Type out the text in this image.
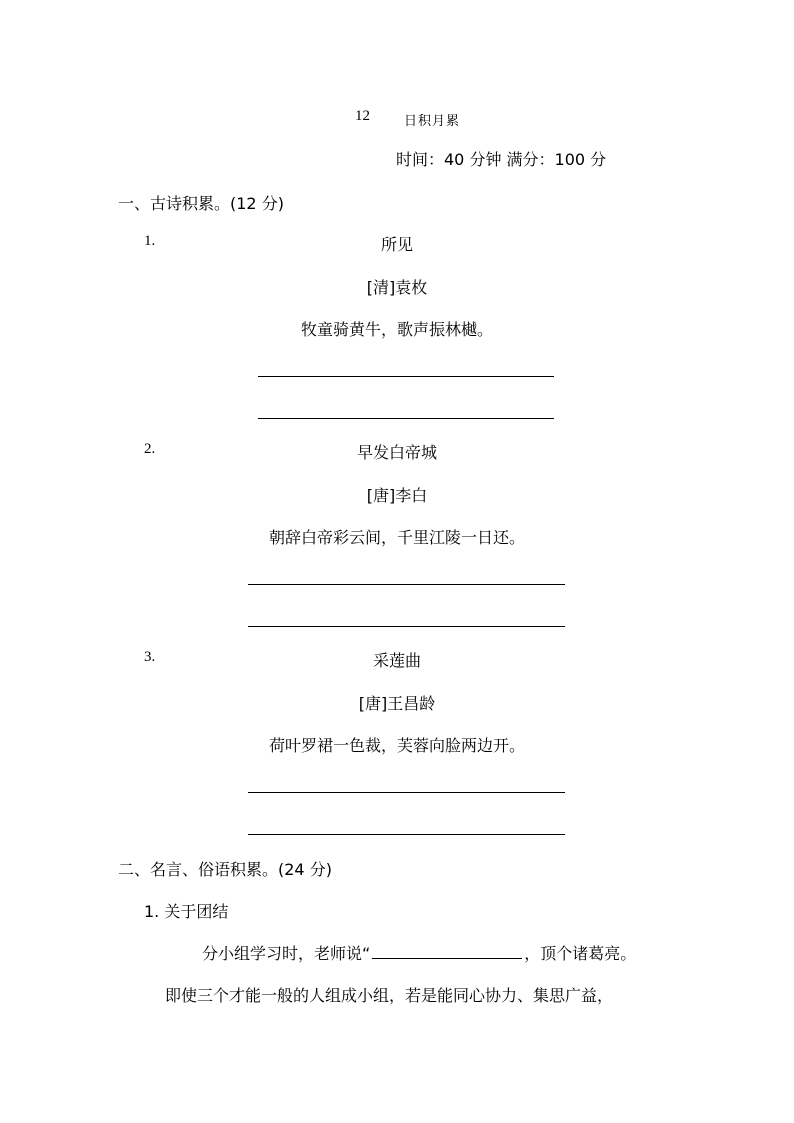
12	日积月累
时间：40 分钟 满分：100 分
一、古诗积累。(12 分)
1.	所见
[清]袁枚
牧童骑黄牛，歌声振林樾。
2.	早发白帝城
[唐]李白
朝辞白帝彩云间，千里江陵一日还。
3.	采莲曲
[唐]王昌龄
荷叶罗裙一色裁，芙蓉向脸两边开。
二、名言、俗语积累。(24 分)
1. 关于团结
分小组学习时，老师说“	，顶个诸葛亮。
即使三个才能一般的人组成小组，若是能同心协力、集思广益，
